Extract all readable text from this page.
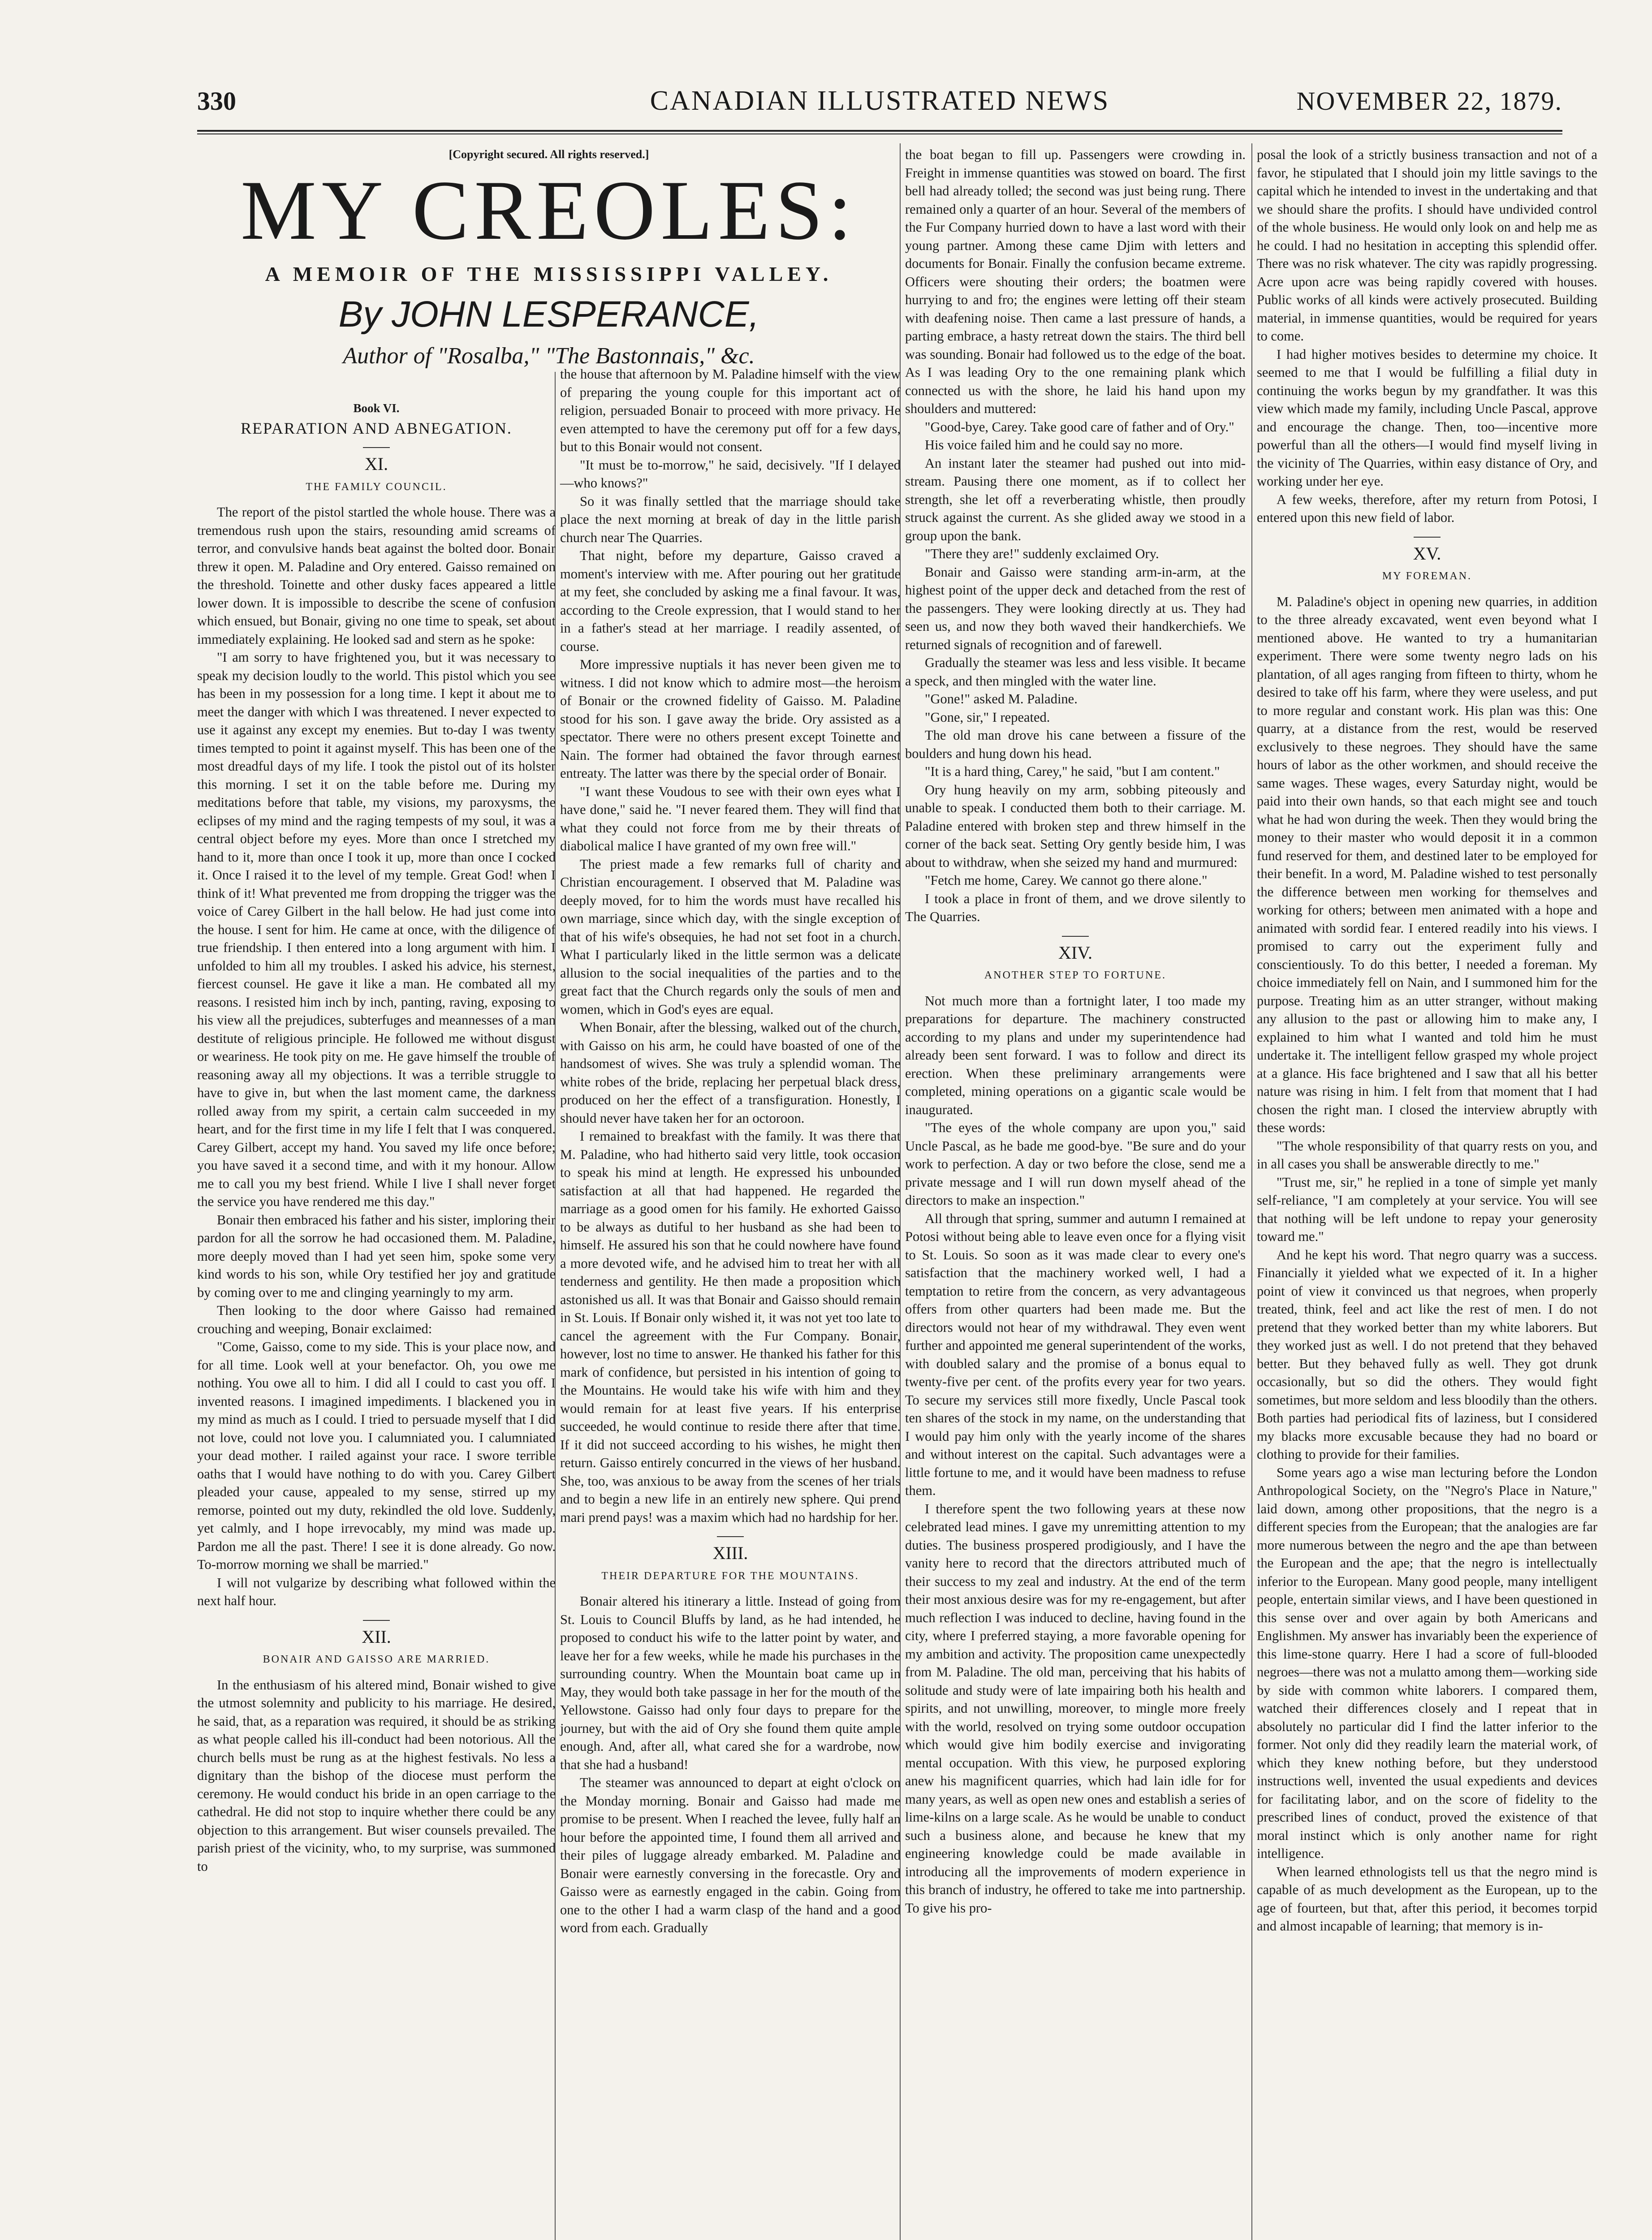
330	CANADIAN ILLUSTRATED NEWS	NOVEMBER 22, 1879.
[Copyright secured. All rights reserved.]
MY CREOLES:
A MEMOIR OF THE MISSISSIPPI VALLEY.
By JOHN LESPERANCE,
Author of "Rosalba," "The Bastonnais," &c.
Book VI.
REPARATION AND ABNEGATION.
XI.
THE FAMILY COUNCIL.

The report of the pistol startled the whole house. There was a tremendous rush upon the stairs, resounding amid screams of terror, and convulsive hands beat against the bolted door. Bonair threw it open. M. Paladine and Ory entered. Gaisso remained on the threshold. Toinette and other dusky faces appeared a little lower down. It is impossible to describe the scene of confusion which ensued, but Bonair, giving no one time to speak, set about immediately explaining. He looked sad and stern as he spoke:

"I am sorry to have frightened you, but it was necessary to speak my decision loudly to the world. This pistol which you see has been in my possession for a long time. I kept it about me to meet the danger with which I was threatened. I never expected to use it against any except my enemies. But to-day I was twenty times tempted to point it against myself. This has been one of the most dreadful days of my life. I took the pistol out of its holster this morning. I set it on the table before me. During my meditations before that table, my visions, my paroxysms, the eclipses of my mind and the raging tempests of my soul, it was a central object before my eyes. More than once I stretched my hand to it, more than once I took it up, more than once I cocked it. Once I raised it to the level of my temple. Great God! when I think of it! What prevented me from dropping the trigger was the voice of Carey Gilbert in the hall below. He had just come into the house. I sent for him. He came at once, with the diligence of true friendship. I then entered into a long argument with him. I unfolded to him all my troubles. I asked his advice, his sternest, fiercest counsel. He gave it like a man. He combated all my reasons. I resisted him inch by inch, panting, raving, exposing to his view all the prejudices, subterfuges and meannesses of a man destitute of religious principle. He followed me without disgust or weariness. He took pity on me. He gave himself the trouble of reasoning away all my objections. It was a terrible struggle to have to give in, but when the last moment came, the darkness rolled away from my spirit, a certain calm succeeded in my heart, and for the first time in my life I felt that I was conquered. Carey Gilbert, accept my hand. You saved my life once before; you have saved it a second time, and with it my honour. Allow me to call you my best friend. While I live I shall never forget the service you have rendered me this day."

Bonair then embraced his father and his sister, imploring their pardon for all the sorrow he had occasioned them. M. Paladine, more deeply moved than I had yet seen him, spoke some very kind words to his son, while Ory testified her joy and gratitude by coming over to me and clinging yearningly to my arm.

Then looking to the door where Gaisso had remained crouching and weeping, Bonair exclaimed:

"Come, Gaisso, come to my side. This is your place now, and for all time. Look well at your benefactor. Oh, you owe me nothing. You owe all to him. I did all I could to cast you off. I invented reasons. I imagined impediments. I blackened you in my mind as much as I could. I tried to persuade myself that I did not love, could not love you. I calumniated you. I calumniated your dead mother. I railed against your race. I swore terrible oaths that I would have nothing to do with you. Carey Gilbert pleaded your cause, appealed to my sense, stirred up my remorse, pointed out my duty, rekindled the old love. Suddenly, yet calmly, and I hope irrevocably, my mind was made up. Pardon me all the past. There! I see it is done already. Go now. To-morrow morning we shall be married."

I will not vulgarize by describing what followed within the next half hour.

XII.
BONAIR AND GAISSO ARE MARRIED.

In the enthusiasm of his altered mind, Bonair wished to give the utmost solemnity and publicity to his marriage. He desired, he said, that, as a reparation was required, it should be as striking as what people called his ill-conduct had been notorious. All the church bells must be rung as at the highest festivals. No less a dignitary than the bishop of the diocese must perform the ceremony. He would conduct his bride in an open carriage to the cathedral. He did not stop to inquire whether there could be any objection to this arrangement. But wiser counsels prevailed. The parish priest of the vicinity, who, to my surprise, was summoned to

the house that afternoon by M. Paladine himself with the view of preparing the young couple for this important act of religion, persuaded Bonair to proceed with more privacy. He even attempted to have the ceremony put off for a few days, but to this Bonair would not consent.

"It must be to-morrow," he said, decisively. "If I delayed—who knows?"

So it was finally settled that the marriage should take place the next morning at break of day in the little parish church near The Quarries.

That night, before my departure, Gaisso craved a moment's interview with me. After pouring out her gratitude at my feet, she concluded by asking me a final favour. It was, according to the Creole expression, that I would stand to her in a father's stead at her marriage. I readily assented, of course.

More impressive nuptials it has never been given me to witness. I did not know which to admire most—the heroism of Bonair or the crowned fidelity of Gaisso. M. Paladine stood for his son. I gave away the bride. Ory assisted as a spectator. There were no others present except Toinette and Nain. The former had obtained the favor through earnest entreaty. The latter was there by the special order of Bonair.

"I want these Voudous to see with their own eyes what I have done," said he. "I never feared them. They will find that what they could not force from me by their threats of diabolical malice I have granted of my own free will."

The priest made a few remarks full of charity and Christian encouragement. I observed that M. Paladine was deeply moved, for to him the words must have recalled his own marriage, since which day, with the single exception of that of his wife's obsequies, he had not set foot in a church. What I particularly liked in the little sermon was a delicate allusion to the social inequalities of the parties and to the great fact that the Church regards only the souls of men and women, which in God's eyes are equal.

When Bonair, after the blessing, walked out of the church, with Gaisso on his arm, he could have boasted of one of the handsomest of wives. She was truly a splendid woman. The white robes of the bride, replacing her perpetual black dress, produced on her the effect of a transfiguration. Honestly, I should never have taken her for an octoroon.

I remained to breakfast with the family. It was there that M. Paladine, who had hitherto said very little, took occasion to speak his mind at length. He expressed his unbounded satisfaction at all that had happened. He regarded the marriage as a good omen for his family. He exhorted Gaisso to be always as dutiful to her husband as she had been to himself. He assured his son that he could nowhere have found a more devoted wife, and he advised him to treat her with all tenderness and gentility. He then made a proposition which astonished us all. It was that Bonair and Gaisso should remain in St. Louis. If Bonair only wished it, it was not yet too late to cancel the agreement with the Fur Company. Bonair, however, lost no time to answer. He thanked his father for this mark of confidence, but persisted in his intention of going to the Mountains. He would take his wife with him and they would remain for at least five years. If his enterprise succeeded, he would continue to reside there after that time. If it did not succeed according to his wishes, he might then return. Gaisso entirely concurred in the views of her husband. She, too, was anxious to be away from the scenes of her trials and to begin a new life in an entirely new sphere. Qui prend mari prend pays! was a maxim which had no hardship for her.

XIII.
THEIR DEPARTURE FOR THE MOUNTAINS.

Bonair altered his itinerary a little. Instead of going from St. Louis to Council Bluffs by land, as he had intended, he proposed to conduct his wife to the latter point by water, and leave her for a few weeks, while he made his purchases in the surrounding country. When the Mountain boat came up in May, they would both take passage in her for the mouth of the Yellowstone. Gaisso had only four days to prepare for the journey, but with the aid of Ory she found them quite ample enough. And, after all, what cared she for a wardrobe, now that she had a husband!

The steamer was announced to depart at eight o'clock on the Monday morning. Bonair and Gaisso had made me promise to be present. When I reached the levee, fully half an hour before the appointed time, I found them all arrived and their piles of luggage already embarked. M. Paladine and Bonair were earnestly conversing in the forecastle. Ory and Gaisso were as earnestly engaged in the cabin. Going from one to the other I had a warm clasp of the hand and a good word from each. Gradually

the boat began to fill up. Passengers were crowding in. Freight in immense quantities was stowed on board. The first bell had already tolled; the second was just being rung. There remained only a quarter of an hour. Several of the members of the Fur Company hurried down to have a last word with their young partner. Among these came Djim with letters and documents for Bonair. Finally the confusion became extreme. Officers were shouting their orders; the boatmen were hurrying to and fro; the engines were letting off their steam with deafening noise. Then came a last pressure of hands, a parting embrace, a hasty retreat down the stairs. The third bell was sounding. Bonair had followed us to the edge of the boat. As I was leading Ory to the one remaining plank which connected us with the shore, he laid his hand upon my shoulders and muttered:

"Good-bye, Carey. Take good care of father and of Ory."

His voice failed him and he could say no more.

An instant later the steamer had pushed out into mid-stream. Pausing there one moment, as if to collect her strength, she let off a reverberating whistle, then proudly struck against the current. As she glided away we stood in a group upon the bank.

"There they are!" suddenly exclaimed Ory.

Bonair and Gaisso were standing arm-in-arm, at the highest point of the upper deck and detached from the rest of the passengers. They were looking directly at us. They had seen us, and now they both waved their handkerchiefs. We returned signals of recognition and of farewell.

Gradually the steamer was less and less visible. It became a speck, and then mingled with the water line.

"Gone!" asked M. Paladine.

"Gone, sir," I repeated.

The old man drove his cane between a fissure of the boulders and hung down his head.

"It is a hard thing, Carey," he said, "but I am content."

Ory hung heavily on my arm, sobbing piteously and unable to speak. I conducted them both to their carriage. M. Paladine entered with broken step and threw himself in the corner of the back seat. Setting Ory gently beside him, I was about to withdraw, when she seized my hand and murmured:

"Fetch me home, Carey. We cannot go there alone."

I took a place in front of them, and we drove silently to The Quarries.

XIV.
ANOTHER STEP TO FORTUNE.

Not much more than a fortnight later, I too made my preparations for departure. The machinery constructed according to my plans and under my superintendence had already been sent forward. I was to follow and direct its erection. When these preliminary arrangements were completed, mining operations on a gigantic scale would be inaugurated.

"The eyes of the whole company are upon you," said Uncle Pascal, as he bade me good-bye. "Be sure and do your work to perfection. A day or two before the close, send me a private message and I will run down myself ahead of the directors to make an inspection."

All through that spring, summer and autumn I remained at Potosi without being able to leave even once for a flying visit to St. Louis. So soon as it was made clear to every one's satisfaction that the machinery worked well, I had a temptation to retire from the concern, as very advantageous offers from other quarters had been made me. But the directors would not hear of my withdrawal. They even went further and appointed me general superintendent of the works, with doubled salary and the promise of a bonus equal to twenty-five per cent. of the profits every year for two years. To secure my services still more fixedly, Uncle Pascal took ten shares of the stock in my name, on the understanding that I would pay him only with the yearly income of the shares and without interest on the capital. Such advantages were a little fortune to me, and it would have been madness to refuse them.

I therefore spent the two following years at these now celebrated lead mines. I gave my unremitting attention to my duties. The business prospered prodigiously, and I have the vanity here to record that the directors attributed much of their success to my zeal and industry. At the end of the term their most anxious desire was for my re-engagement, but after much reflection I was induced to decline, having found in the city, where I preferred staying, a more favorable opening for my ambition and activity. The proposition came unexpectedly from M. Paladine. The old man, perceiving that his habits of solitude and study were of late impairing both his health and spirits, and not unwilling, moreover, to mingle more freely with the world, resolved on trying some outdoor occupation which would give him bodily exercise and invigorating mental occupation. With this view, he purposed exploring anew his magnificent quarries, which had lain idle for for many years, as well as open new ones and establish a series of lime-kilns on a large scale. As he would be unable to conduct such a business alone, and because he knew that my engineering knowledge could be made available in introducing all the improvements of modern experience in this branch of industry, he offered to take me into partnership. To give his pro-

posal the look of a strictly business transaction and not of a favor, he stipulated that I should join my little savings to the capital which he intended to invest in the undertaking and that we should share the profits. I should have undivided control of the whole business. He would only look on and help me as he could. I had no hesitation in accepting this splendid offer. There was no risk whatever. The city was rapidly progressing. Acre upon acre was being rapidly covered with houses. Public works of all kinds were actively prosecuted. Building material, in immense quantities, would be required for years to come.

I had higher motives besides to determine my choice. It seemed to me that I would be fulfilling a filial duty in continuing the works begun by my grandfather. It was this view which made my family, including Uncle Pascal, approve and encourage the change. Then, too—incentive more powerful than all the others—I would find myself living in the vicinity of The Quarries, within easy distance of Ory, and working under her eye.

A few weeks, therefore, after my return from Potosi, I entered upon this new field of labor.

XV.
MY FOREMAN.

M. Paladine's object in opening new quarries, in addition to the three already excavated, went even beyond what I mentioned above. He wanted to try a humanitarian experiment. There were some twenty negro lads on his plantation, of all ages ranging from fifteen to thirty, whom he desired to take off his farm, where they were useless, and put to more regular and constant work. His plan was this: One quarry, at a distance from the rest, would be reserved exclusively to these negroes. They should have the same hours of labor as the other workmen, and should receive the same wages. These wages, every Saturday night, would be paid into their own hands, so that each might see and touch what he had won during the week. Then they would bring the money to their master who would deposit it in a common fund reserved for them, and destined later to be employed for their benefit. In a word, M. Paladine wished to test personally the difference between men working for themselves and working for others; between men animated with a hope and animated with sordid fear. I entered readily into his views. I promised to carry out the experiment fully and conscientiously. To do this better, I needed a foreman. My choice immediately fell on Nain, and I summoned him for the purpose. Treating him as an utter stranger, without making any allusion to the past or allowing him to make any, I explained to him what I wanted and told him he must undertake it. The intelligent fellow grasped my whole project at a glance. His face brightened and I saw that all his better nature was rising in him. I felt from that moment that I had chosen the right man. I closed the interview abruptly with these words:

"The whole responsibility of that quarry rests on you, and in all cases you shall be answerable directly to me."

"Trust me, sir," he replied in a tone of simple yet manly self-reliance, "I am completely at your service. You will see that nothing will be left undone to repay your generosity toward me."

And he kept his word. That negro quarry was a success. Financially it yielded what we expected of it. In a higher point of view it convinced us that negroes, when properly treated, think, feel and act like the rest of men. I do not pretend that they worked better than my white laborers. But they worked just as well. I do not pretend that they behaved better. But they behaved fully as well. They got drunk occasionally, but so did the others. They would fight sometimes, but more seldom and less bloodily than the others. Both parties had periodical fits of laziness, but I considered my blacks more excusable because they had no board or clothing to provide for their families.

Some years ago a wise man lecturing before the London Anthropological Society, on the "Negro's Place in Nature," laid down, among other propositions, that the negro is a different species from the European; that the analogies are far more numerous between the negro and the ape than between the European and the ape; that the negro is intellectually inferior to the European. Many good people, many intelligent people, entertain similar views, and I have been questioned in this sense over and over again by both Americans and Englishmen. My answer has invariably been the experience of this lime-stone quarry. Here I had a score of full-blooded negroes—there was not a mulatto among them—working side by side with common white laborers. I compared them, watched their differences closely and I repeat that in absolutely no particular did I find the latter inferior to the former. Not only did they readily learn the material work, of which they knew nothing before, but they understood instructions well, invented the usual expedients and devices for facilitating labor, and on the score of fidelity to the prescribed lines of conduct, proved the existence of that moral instinct which is only another name for right intelligence.

When learned ethnologists tell us that the negro mind is capable of as much development as the European, up to the age of fourteen, but that, after this period, it becomes torpid and almost incapable of learning; that memory is in-
